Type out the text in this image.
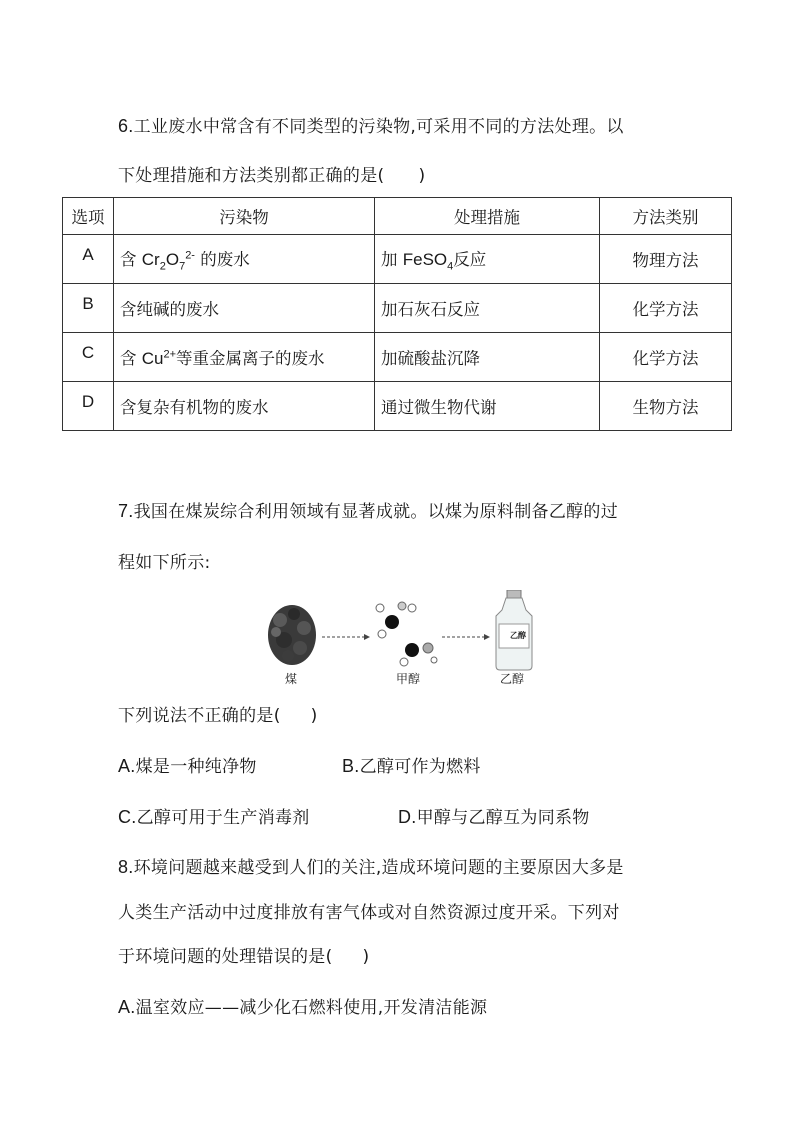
6.工业废水中常含有不同类型的污染物,可采用不同的方法处理。以
下处理措施和方法类别都正确的是( )
选项	污染物	处理措施	方法类别
A	含 $Cr_2O_7^{2-}$ 的废水	加 FeSO$_4$反应	物理方法
B	含纯碱的废水	加石灰石反应	化学方法
C	含 $Cu^{2+}$等重金属离子的废水	加硫酸盐沉降	化学方法
D	含复杂有机物的废水	通过微生物代谢	生物方法
7.我国在煤炭综合利用领域有显著成就。以煤为原料制备乙醇的过
程如下所示:
乙醇
煤	甲醇	乙醇
下列说法不正确的是( )
A.煤是一种纯净物	B.乙醇可作为燃料
C.乙醇可用于生产消毒剂	D.甲醇与乙醇互为同系物
8.环境问题越来越受到人们的关注,造成环境问题的主要原因大多是
人类生产活动中过度排放有害气体或对自然资源过度开采。下列对
于环境问题的处理错误的是( )
A.温室效应——减少化石燃料使用,开发清洁能源
